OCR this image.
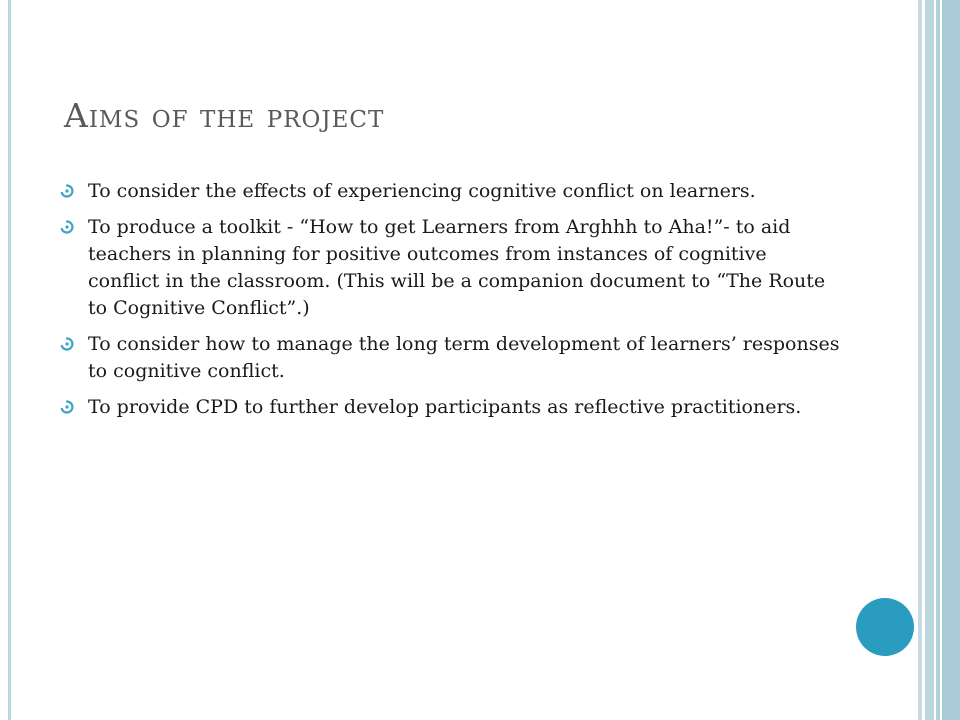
Aims of the project
To consider the effects of experiencing cognitive conflict on learners.
To produce a toolkit - “How to get Learners from Arghhh to Aha!”- to aid teachers in planning for positive outcomes from instances of cognitive conflict in the classroom. (This will be a companion document to “The Route to Cognitive Conflict”.)
To consider how to manage the long term development of learners’ responses to cognitive conflict.
To provide CPD to further develop participants as reflective practitioners.
